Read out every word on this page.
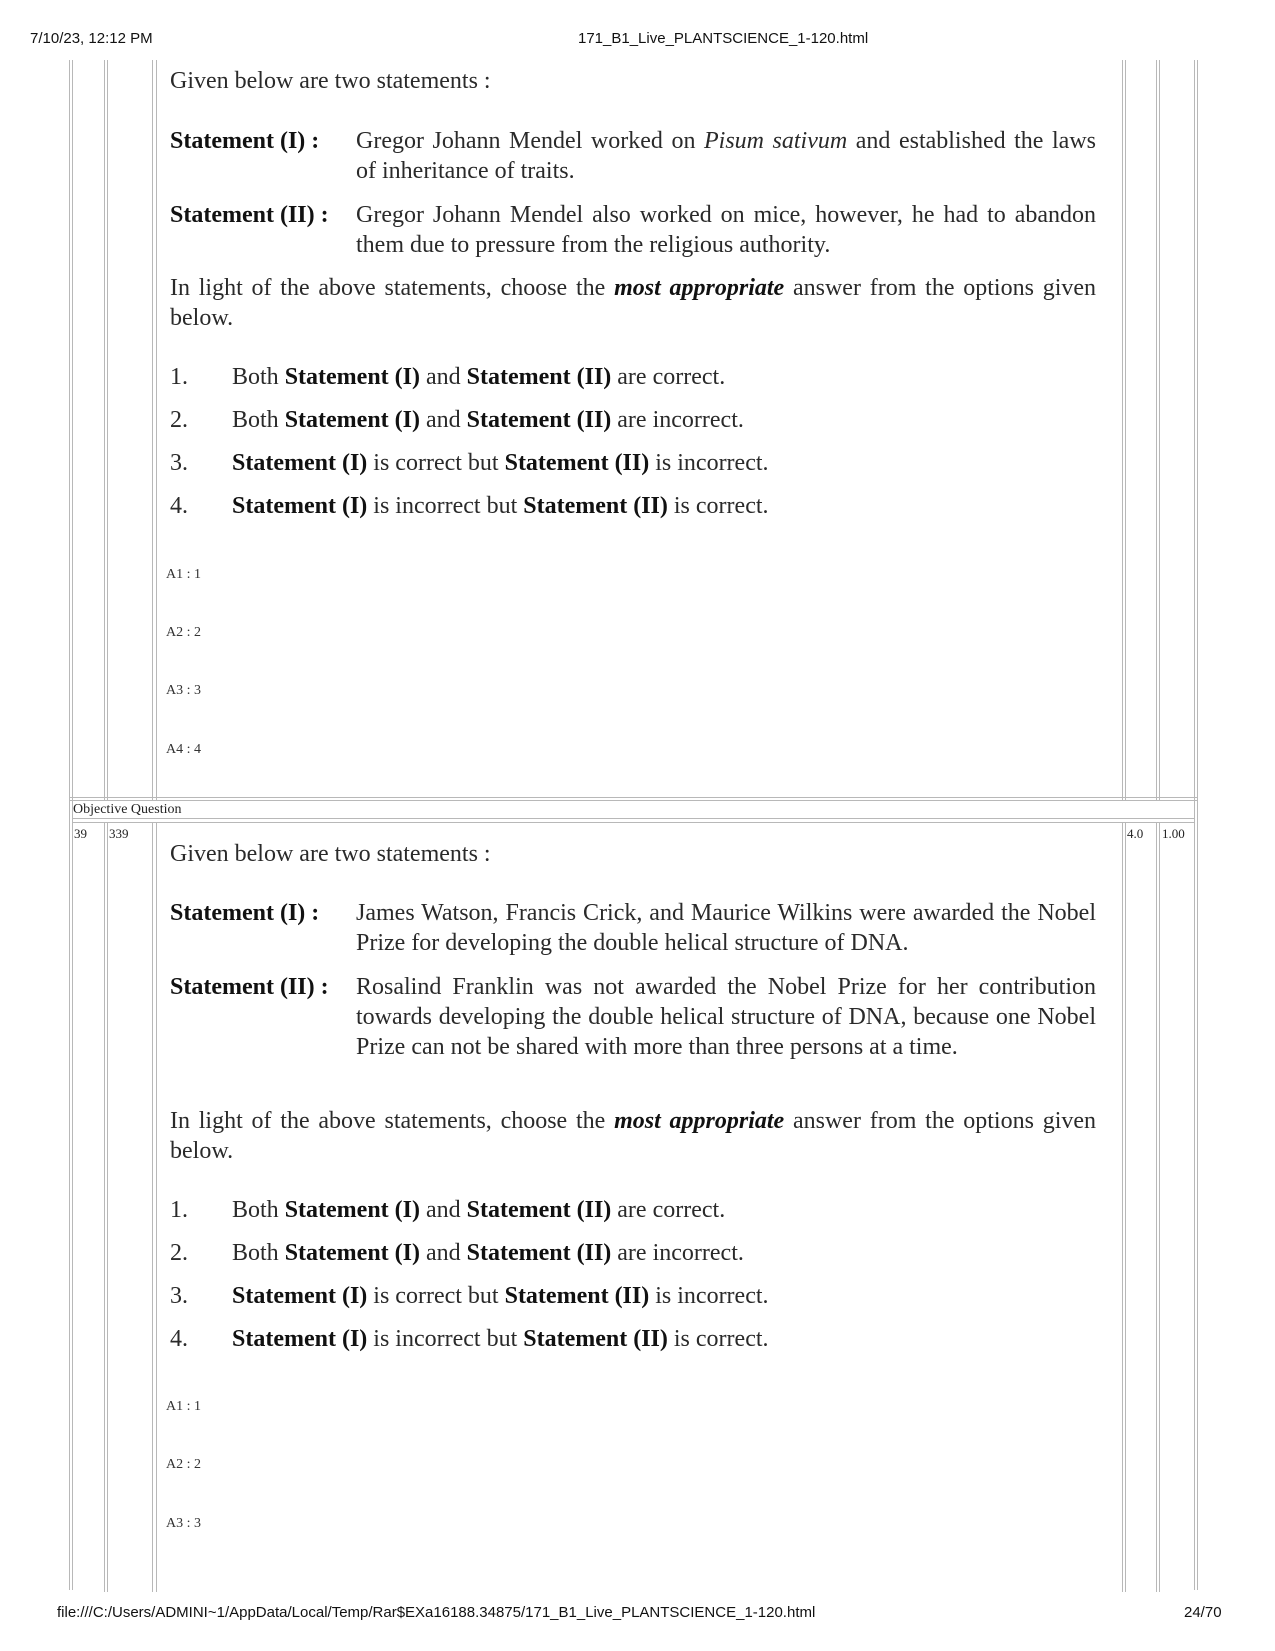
7/10/23, 12:12 PM	171_B1_Live_PLANTSCIENCE_1-120.html
Given below are two statements :
Statement (I) : Gregor Johann Mendel worked on Pisum sativum and established the laws of inheritance of traits.
Statement (II) : Gregor Johann Mendel also worked on mice, however, he had to abandon them due to pressure from the religious authority.
In light of the above statements, choose the most appropriate answer from the options given below.
1. Both Statement (I) and Statement (II) are correct.
2. Both Statement (I) and Statement (II) are incorrect.
3. Statement (I) is correct but Statement (II) is incorrect.
4. Statement (I) is incorrect but Statement (II) is correct.
A1 : 1
A2 : 2
A3 : 3
A4 : 4
Objective Question
39 339	4.0 1.00
Given below are two statements :
Statement (I) : James Watson, Francis Crick, and Maurice Wilkins were awarded the Nobel Prize for developing the double helical structure of DNA.
Statement (II) : Rosalind Franklin was not awarded the Nobel Prize for her contribution towards developing the double helical structure of DNA, because one Nobel Prize can not be shared with more than three persons at a time.
In light of the above statements, choose the most appropriate answer from the options given below.
1. Both Statement (I) and Statement (II) are correct.
2. Both Statement (I) and Statement (II) are incorrect.
3. Statement (I) is correct but Statement (II) is incorrect.
4. Statement (I) is incorrect but Statement (II) is correct.
A1 : 1
A2 : 2
A3 : 3
file:///C:/Users/ADMINI~1/AppData/Local/Temp/Rar$EXa16188.34875/171_B1_Live_PLANTSCIENCE_1-120.html	24/70
